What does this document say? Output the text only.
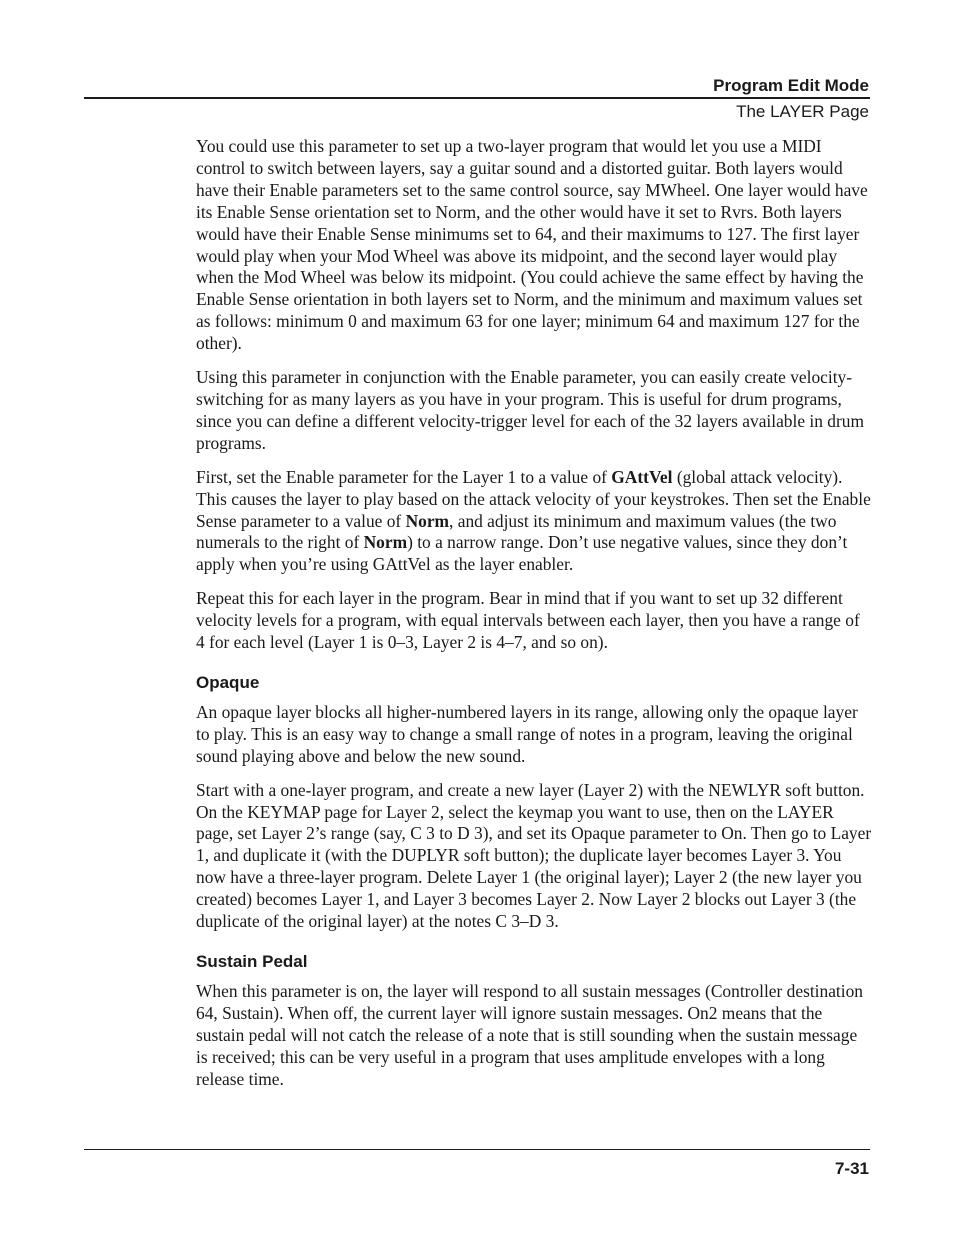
Program Edit Mode
The LAYER Page

You could use this parameter to set up a two-layer program that would let you use a MIDI control to switch between layers, say a guitar sound and a distorted guitar. Both layers would have their Enable parameters set to the same control source, say MWheel. One layer would have its Enable Sense orientation set to Norm, and the other would have it set to Rvrs. Both layers would have their Enable Sense minimums set to 64, and their maximums to 127. The first layer would play when your Mod Wheel was above its midpoint, and the second layer would play when the Mod Wheel was below its midpoint. (You could achieve the same effect by having the Enable Sense orientation in both layers set to Norm, and the minimum and maximum values set as follows: minimum 0 and maximum 63 for one layer; minimum 64 and maximum 127 for the other).

Using this parameter in conjunction with the Enable parameter, you can easily create velocity-switching for as many layers as you have in your program. This is useful for drum programs, since you can define a different velocity-trigger level for each of the 32 layers available in drum programs.

First, set the Enable parameter for the Layer 1 to a value of GAttVel (global attack velocity). This causes the layer to play based on the attack velocity of your keystrokes. Then set the Enable Sense parameter to a value of Norm, and adjust its minimum and maximum values (the two numerals to the right of Norm) to a narrow range. Don’t use negative values, since they don’t apply when you’re using GAttVel as the layer enabler.

Repeat this for each layer in the program. Bear in mind that if you want to set up 32 different velocity levels for a program, with equal intervals between each layer, then you have a range of 4 for each level (Layer 1 is 0–3, Layer 2 is 4–7, and so on).

Opaque

An opaque layer blocks all higher-numbered layers in its range, allowing only the opaque layer to play. This is an easy way to change a small range of notes in a program, leaving the original sound playing above and below the new sound.

Start with a one-layer program, and create a new layer (Layer 2) with the NEWLYR soft button. On the KEYMAP page for Layer 2, select the keymap you want to use, then on the LAYER page, set Layer 2’s range (say, C 3 to D 3), and set its Opaque parameter to On. Then go to Layer 1, and duplicate it (with the DUPLYR soft button); the duplicate layer becomes Layer 3. You now have a three-layer program. Delete Layer 1 (the original layer); Layer 2 (the new layer you created) becomes Layer 1, and Layer 3 becomes Layer 2. Now Layer 2 blocks out Layer 3 (the duplicate of the original layer) at the notes C 3–D 3.

Sustain Pedal

When this parameter is on, the layer will respond to all sustain messages (Controller destination 64, Sustain). When off, the current layer will ignore sustain messages. On2 means that the sustain pedal will not catch the release of a note that is still sounding when the sustain message is received; this can be very useful in a program that uses amplitude envelopes with a long release time.

7-31
